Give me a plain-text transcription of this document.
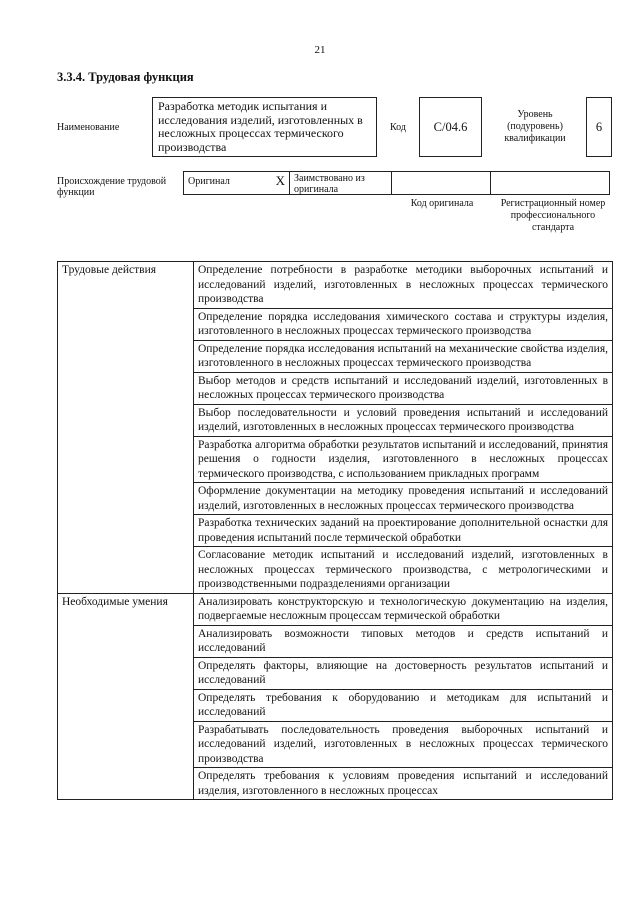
21
3.3.4. Трудовая функция
Наименование
Разработка методик испытания и исследования изделий, изготовленных в несложных процессах термического производства
Код C/04.6
Уровень (подуровень) квалификации
6
Происхождение трудовой функции
Оригинал	X Заимствовано из оригинала
Код оригинала	Регистрационный номер профессионального стандарта
Трудовые действия	Определение потребности в разработке методики выборочных испытаний и исследований изделий, изготовленных в несложных процессах термического производства
	Определение порядка исследования химического состава и структуры изделия, изготовленного в несложных процессах термического производства
	Определение порядка исследования испытаний на механические свойства изделия, изготовленного в несложных процессах термического производства
	Выбор методов и средств испытаний и исследований изделий, изготовленных в несложных процессах термического производства
	Выбор последовательности и условий проведения испытаний и исследований изделий, изготовленных в несложных процессах термического производства
	Разработка алгоритма обработки результатов испытаний и исследований, принятия решения о годности изделия, изготовленного в несложных процессах термического производства, с использованием прикладных программ
	Оформление документации на методику проведения испытаний и исследований изделий, изготовленных в несложных процессах термического производства
	Разработка технических заданий на проектирование дополнительной оснастки для проведения испытаний после термической обработки
	Согласование методик испытаний и исследований изделий, изготовленных в несложных процессах термического производства, с метрологическими и производственными подразделениями организации
Необходимые умения	Анализировать конструкторскую и технологическую документацию на изделия, подвергаемые несложным процессам термической обработки
	Анализировать возможности типовых методов и средств испытаний и исследований
	Определять факторы, влияющие на достоверность результатов испытаний и исследований
	Определять требования к оборудованию и методикам для испытаний и исследований
	Разрабатывать последовательность проведения выборочных испытаний и исследований изделий, изготовленных в несложных процессах термического производства
	Определять требования к условиям проведения испытаний и исследований изделия, изготовленного в несложных процессах
